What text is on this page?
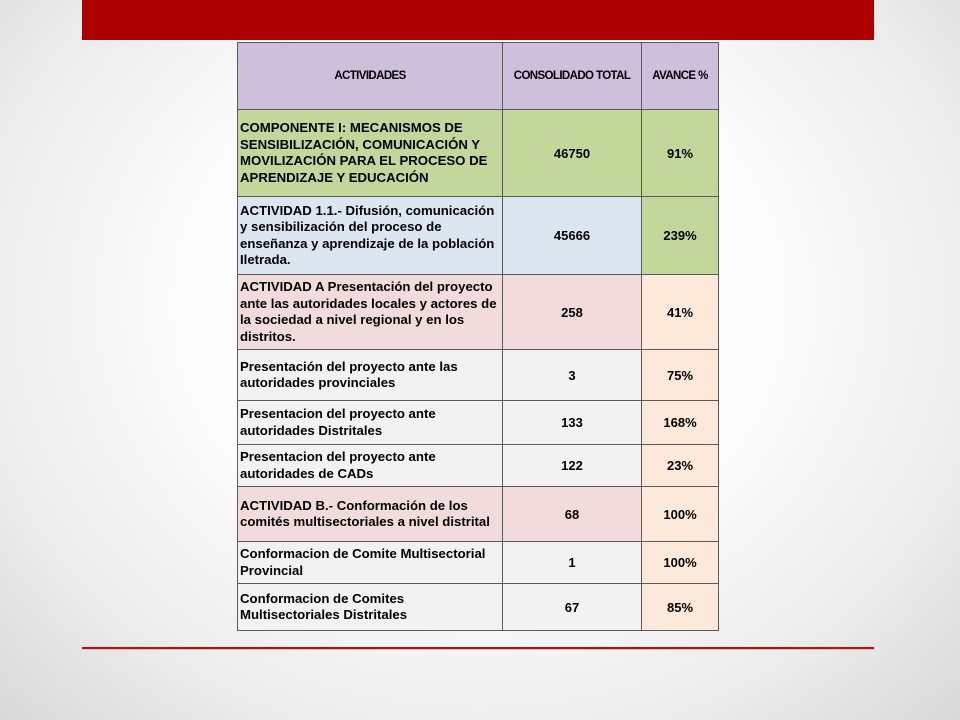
ACTIVIDADES	CONSOLIDADO TOTAL	AVANCE %
COMPONENTE I: MECANISMOS DE SENSIBILIZACIÓN, COMUNICACIÓN Y MOVILIZACIÓN PARA EL PROCESO DE APRENDIZAJE Y EDUCACIÓN	46750	91%
ACTIVIDAD 1.1.- Difusión, comunicación y sensibilización del proceso de enseñanza y aprendizaje de la población Iletrada.	45666	239%
ACTIVIDAD A Presentación del proyecto ante las autoridades locales y actores de la sociedad a nivel regional y en los distritos.	258	41%
Presentación del proyecto ante las autoridades provinciales	3	75%
Presentacion del proyecto ante autoridades Distritales	133	168%
Presentacion del proyecto ante autoridades de CADs	122	23%
ACTIVIDAD B.- Conformación de los comités multisectoriales a nivel distrital	68	100%
Conformacion de Comite Multisectorial Provincial	1	100%
Conformacion de Comites Multisectoriales Distritales	67	85%
